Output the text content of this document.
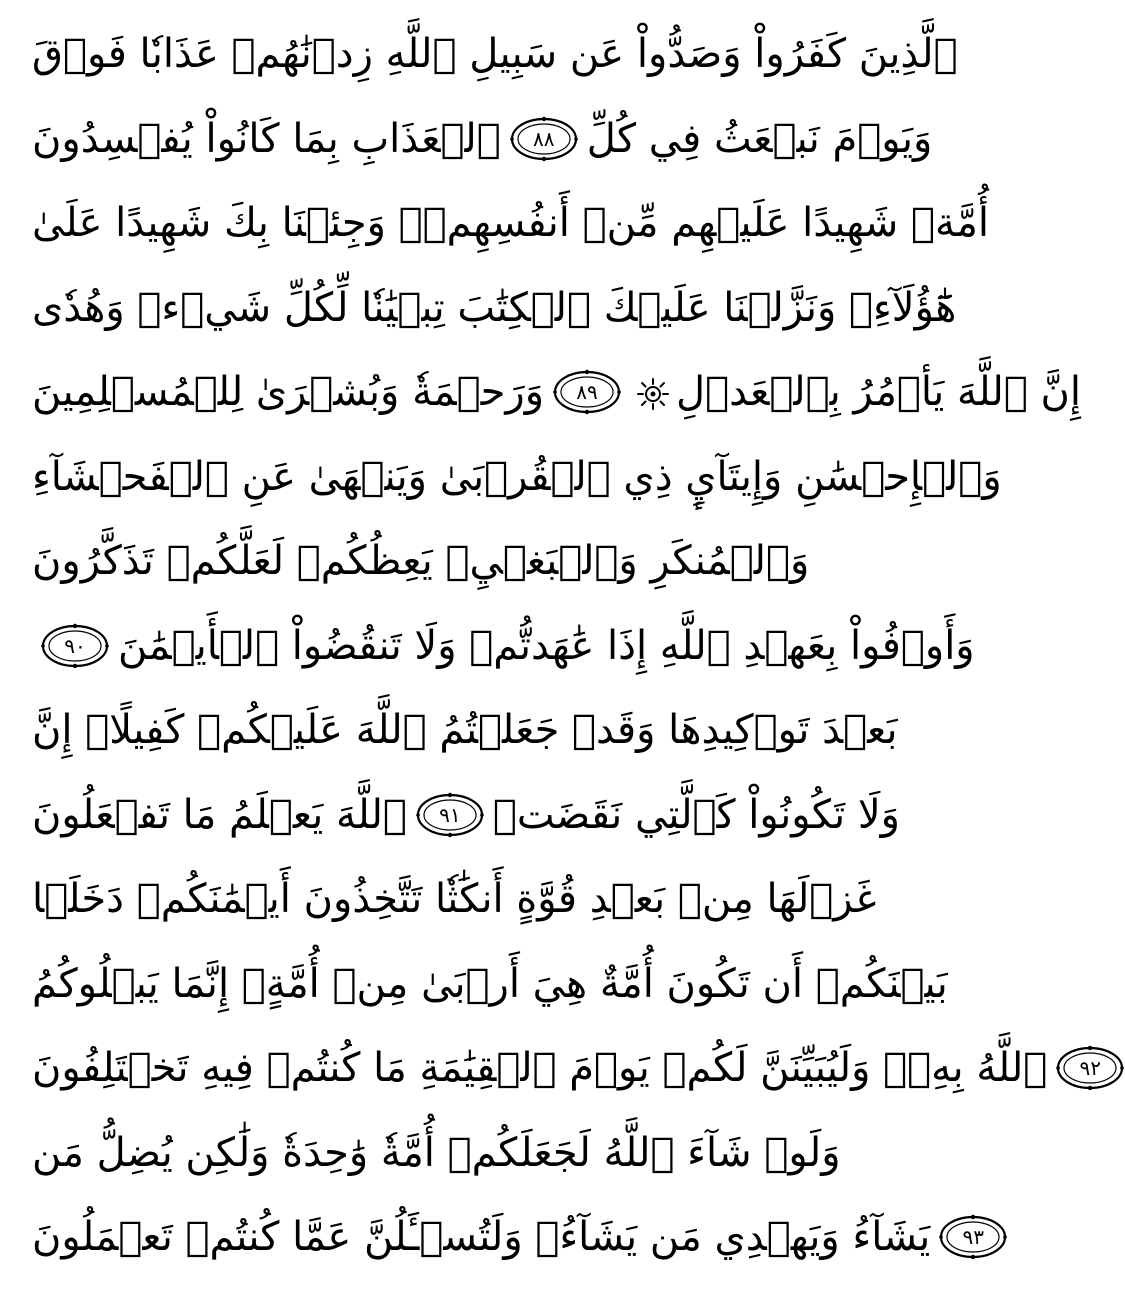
ٱلَّذِينَ كَفَرُواْ وَصَدُّواْ عَن سَبِيلِ ٱللَّهِ زِدۡنَٰهُمۡ عَذَابٗا فَوۡقَ
ٱلۡعَذَابِ بِمَا كَانُواْ يُفۡسِدُونَ ٨٨ وَيَوۡمَ نَبۡعَثُ فِي كُلِّ
أُمَّةٖ شَهِيدًا عَلَيۡهِم مِّنۡ أَنفُسِهِمۡۖ وَجِئۡنَا بِكَ شَهِيدًا عَلَىٰ
هَٰٓؤُلَآءِۚ وَنَزَّلۡنَا عَلَيۡكَ ٱلۡكِتَٰبَ تِبۡيَٰنٗا لِّكُلِّ شَيۡءٖ وَهُدٗى
وَرَحۡمَةٗ وَبُشۡرَىٰ لِلۡمُسۡلِمِينَ ٨٩ إِنَّ ٱللَّهَ يَأۡمُرُ بِٱلۡعَدۡلِ
وَٱلۡإِحۡسَٰنِ وَإِيتَآيِٕ ذِي ٱلۡقُرۡبَىٰ وَيَنۡهَىٰ عَنِ ٱلۡفَحۡشَآءِ
وَٱلۡمُنكَرِ وَٱلۡبَغۡيِۚ يَعِظُكُمۡ لَعَلَّكُمۡ تَذَكَّرُونَ
٩٠ وَأَوۡفُواْ بِعَهۡدِ ٱللَّهِ إِذَا عَٰهَدتُّمۡ وَلَا تَنقُضُواْ ٱلۡأَيۡمَٰنَ
بَعۡدَ تَوۡكِيدِهَا وَقَدۡ جَعَلۡتُمُ ٱللَّهَ عَلَيۡكُمۡ كَفِيلًاۚ إِنَّ
ٱللَّهَ يَعۡلَمُ مَا تَفۡعَلُونَ ٩١ وَلَا تَكُونُواْ كَٱلَّتِي نَقَضَتۡ
غَزۡلَهَا مِنۢ بَعۡدِ قُوَّةٍ أَنكَٰثٗا تَتَّخِذُونَ أَيۡمَٰنَكُمۡ دَخَلَۢا
بَيۡنَكُمۡ أَن تَكُونَ أُمَّةٌ هِيَ أَرۡبَىٰ مِنۡ أُمَّةٍۚ إِنَّمَا يَبۡلُوكُمُ
ٱللَّهُ بِهِۦۚ وَلَيُبَيِّنَنَّ لَكُمۡ يَوۡمَ ٱلۡقِيَٰمَةِ مَا كُنتُمۡ فِيهِ تَخۡتَلِفُونَ ٩٢
وَلَوۡ شَآءَ ٱللَّهُ لَجَعَلَكُمۡ أُمَّةٗ وَٰحِدَةٗ وَلَٰكِن يُضِلُّ مَن
يَشَآءُ وَيَهۡدِي مَن يَشَآءُۚ وَلَتُسۡـَٔلُنَّ عَمَّا كُنتُمۡ تَعۡمَلُونَ ٩٣
